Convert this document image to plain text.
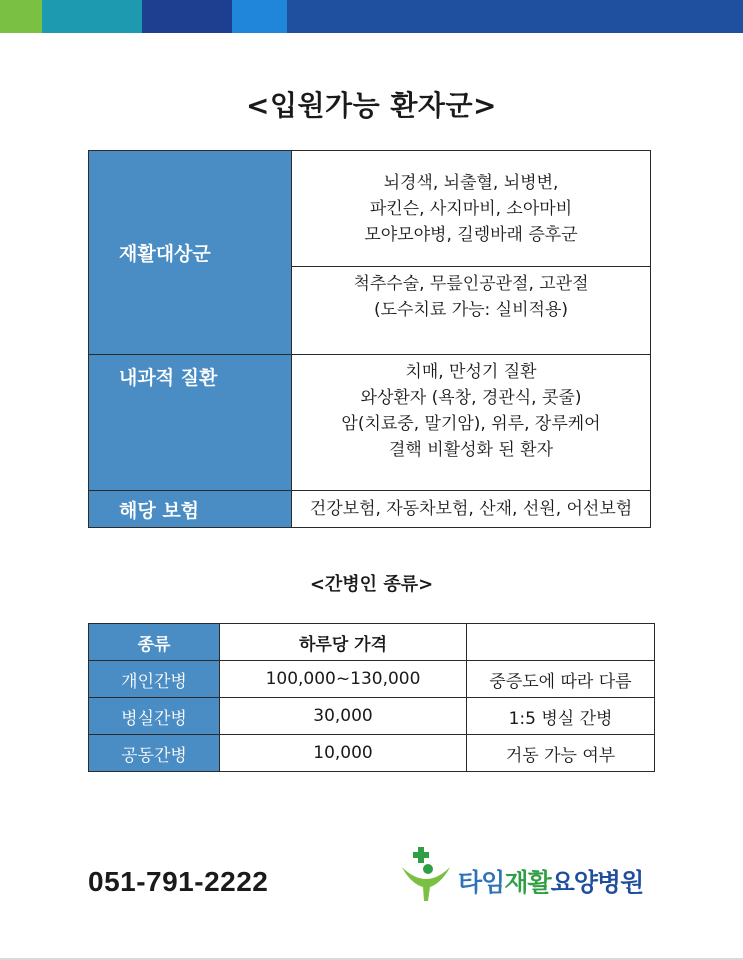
<입원가능 환자군>
재활대상군	뇌경색, 뇌출혈, 뇌병변,
파킨슨, 사지마비, 소아마비
모야모야병, 길렝바래 증후군

	척추수술, 무릎인공관절, 고관절
(도수치료 가능: 실비적용)

내과적 질환	치매, 만성기 질환
와상환자 (욕창, 경관식, 콧줄)
암(치료중, 말기암), 위루, 장루케어
결핵 비활성화 된 환자

해당 보험	건강보험, 자동차보험, 산재, 선원, 어선보험
<간병인 종류>
종류	하루당 가격	
개인간병	100,000~130,000	중증도에 따라 다름
병실간병	30,000	1:5 병실 간병
공동간병	10,000	거동 가능 여부
051-791-2222	타임재활요양병원
